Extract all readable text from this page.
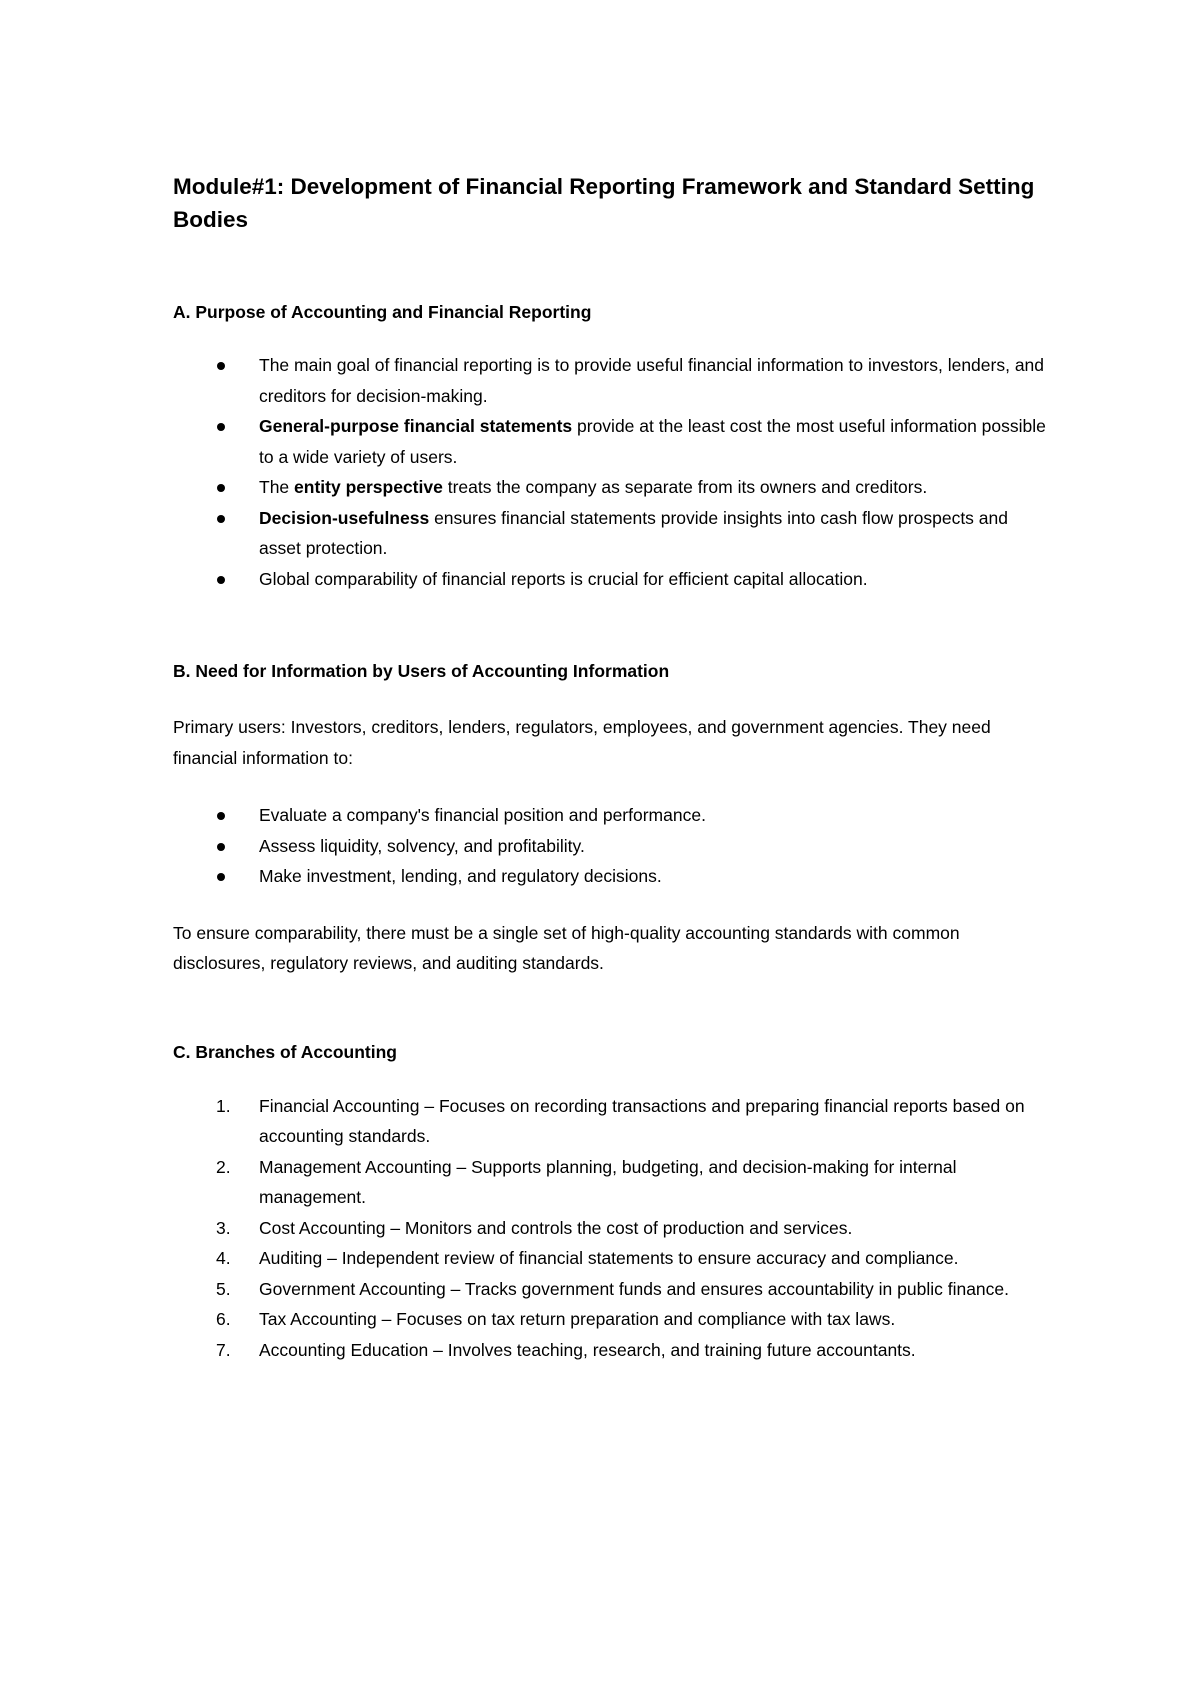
Module#1: Development of Financial Reporting Framework and Standard Setting Bodies
A. Purpose of Accounting and Financial Reporting
The main goal of financial reporting is to provide useful financial information to investors, lenders, and creditors for decision-making.
General-purpose financial statements provide at the least cost the most useful information possible to a wide variety of users.
The entity perspective treats the company as separate from its owners and creditors.
Decision-usefulness ensures financial statements provide insights into cash flow prospects and asset protection.
Global comparability of financial reports is crucial for efficient capital allocation.
B. Need for Information by Users of Accounting Information

Primary users: Investors, creditors, lenders, regulators, employees, and government agencies. They need financial information to:

Evaluate a company's financial position and performance.
Assess liquidity, solvency, and profitability.
Make investment, lending, and regulatory decisions.

To ensure comparability, there must be a single set of high-quality accounting standards with common disclosures, regulatory reviews, and auditing standards.

C. Branches of Accounting
1. Financial Accounting – Focuses on recording transactions and preparing financial reports based on accounting standards.
2. Management Accounting – Supports planning, budgeting, and decision-making for internal management.
3. Cost Accounting – Monitors and controls the cost of production and services.
4. Auditing – Independent review of financial statements to ensure accuracy and compliance.
5. Government Accounting – Tracks government funds and ensures accountability in public finance.
6. Tax Accounting – Focuses on tax return preparation and compliance with tax laws.
7. Accounting Education – Involves teaching, research, and training future accountants.
